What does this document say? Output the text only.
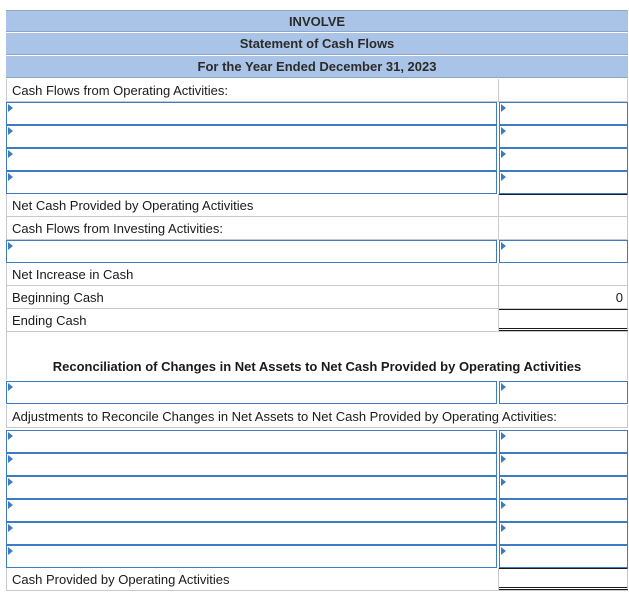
INVOLVE
Statement of Cash Flows
For the Year Ended December 31, 2023
Cash Flows from Operating Activities:
Net Cash Provided by Operating Activities
Cash Flows from Investing Activities:
Net Increase in Cash
Beginning Cash	0
Ending Cash
Reconciliation of Changes in Net Assets to Net Cash Provided by Operating Activities
Adjustments to Reconcile Changes in Net Assets to Net Cash Provided by Operating Activities:
Cash Provided by Operating Activities
